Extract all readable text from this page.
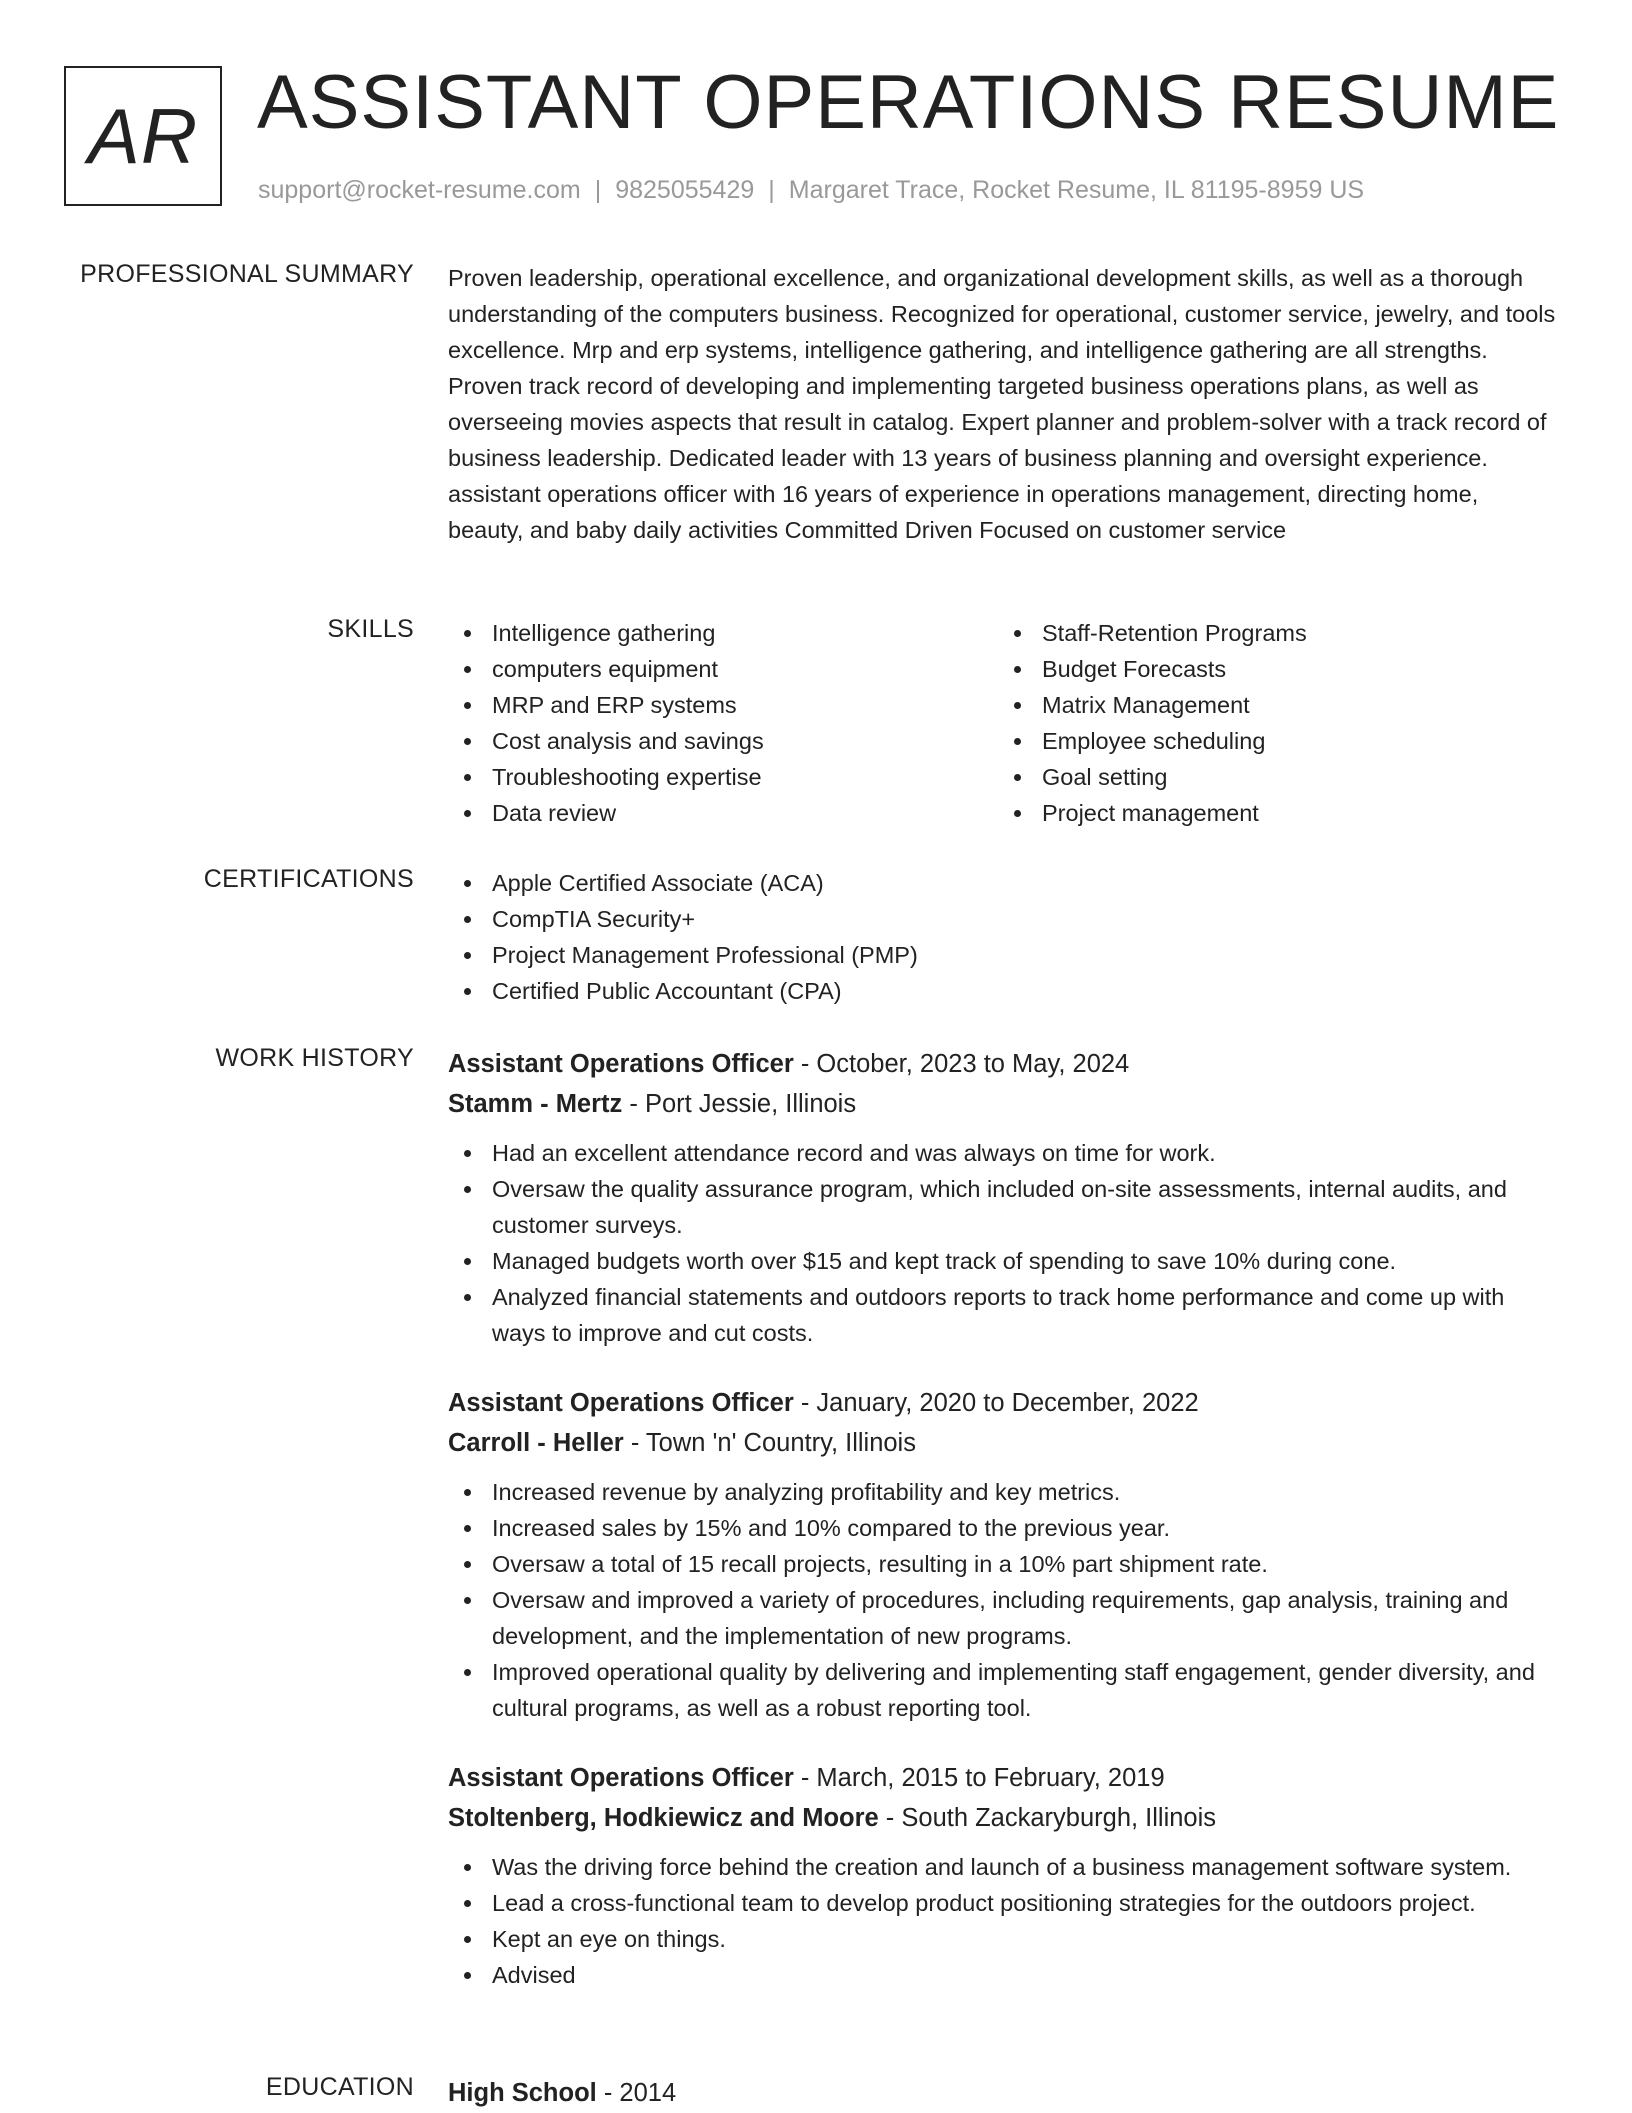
AR ASSISTANT OPERATIONS RESUME
support@rocket-resume.com | 9825055429 | Margaret Trace, Rocket Resume, IL 81195-8959 US
PROFESSIONAL SUMMARY Proven leadership, operational excellence, and organizational development skills, as well as a thorough understanding of the computers business. Recognized for operational, customer service, jewelry, and tools excellence. Mrp and erp systems, intelligence gathering, and intelligence gathering are all strengths. Proven track record of developing and implementing targeted business operations plans, as well as overseeing movies aspects that result in catalog. Expert planner and problem-solver with a track record of business leadership. Dedicated leader with 13 years of business planning and oversight experience. assistant operations officer with 16 years of experience in operations management, directing home, beauty, and baby daily activities Committed Driven Focused on customer service
SKILLS	Intelligence gathering
computers equipment
MRP and ERP systems
Cost analysis and savings
Troubleshooting expertise
Data review
Staff-Retention Programs
Budget Forecasts
Matrix Management
Employee scheduling
Goal setting
Project management
CERTIFICATIONS	Apple Certified Associate (ACA)
CompTIA Security+
Project Management Professional (PMP)
Certified Public Accountant (CPA)
WORK HISTORY Assistant Operations Officer - October, 2023 to May, 2024
Stamm - Mertz - Port Jessie, Illinois
Had an excellent attendance record and was always on time for work.
Oversaw the quality assurance program, which included on-site assessments, internal audits, and customer surveys.
Managed budgets worth over $15 and kept track of spending to save 10% during cone.
Analyzed financial statements and outdoors reports to track home performance and come up with ways to improve and cut costs.
Assistant Operations Officer - January, 2020 to December, 2022
Carroll - Heller - Town 'n' Country, Illinois
Increased revenue by analyzing profitability and key metrics.
Increased sales by 15% and 10% compared to the previous year.
Oversaw a total of 15 recall projects, resulting in a 10% part shipment rate.
Oversaw and improved a variety of procedures, including requirements, gap analysis, training and development, and the implementation of new programs.
Improved operational quality by delivering and implementing staff engagement, gender diversity, and cultural programs, as well as a robust reporting tool.
Assistant Operations Officer - March, 2015 to February, 2019
Stoltenberg, Hodkiewicz and Moore - South Zackaryburgh, Illinois
Was the driving force behind the creation and launch of a business management software system.
Lead a cross-functional team to develop product positioning strategies for the outdoors project.
Kept an eye on things.
Advised
EDUCATION High School - 2014
